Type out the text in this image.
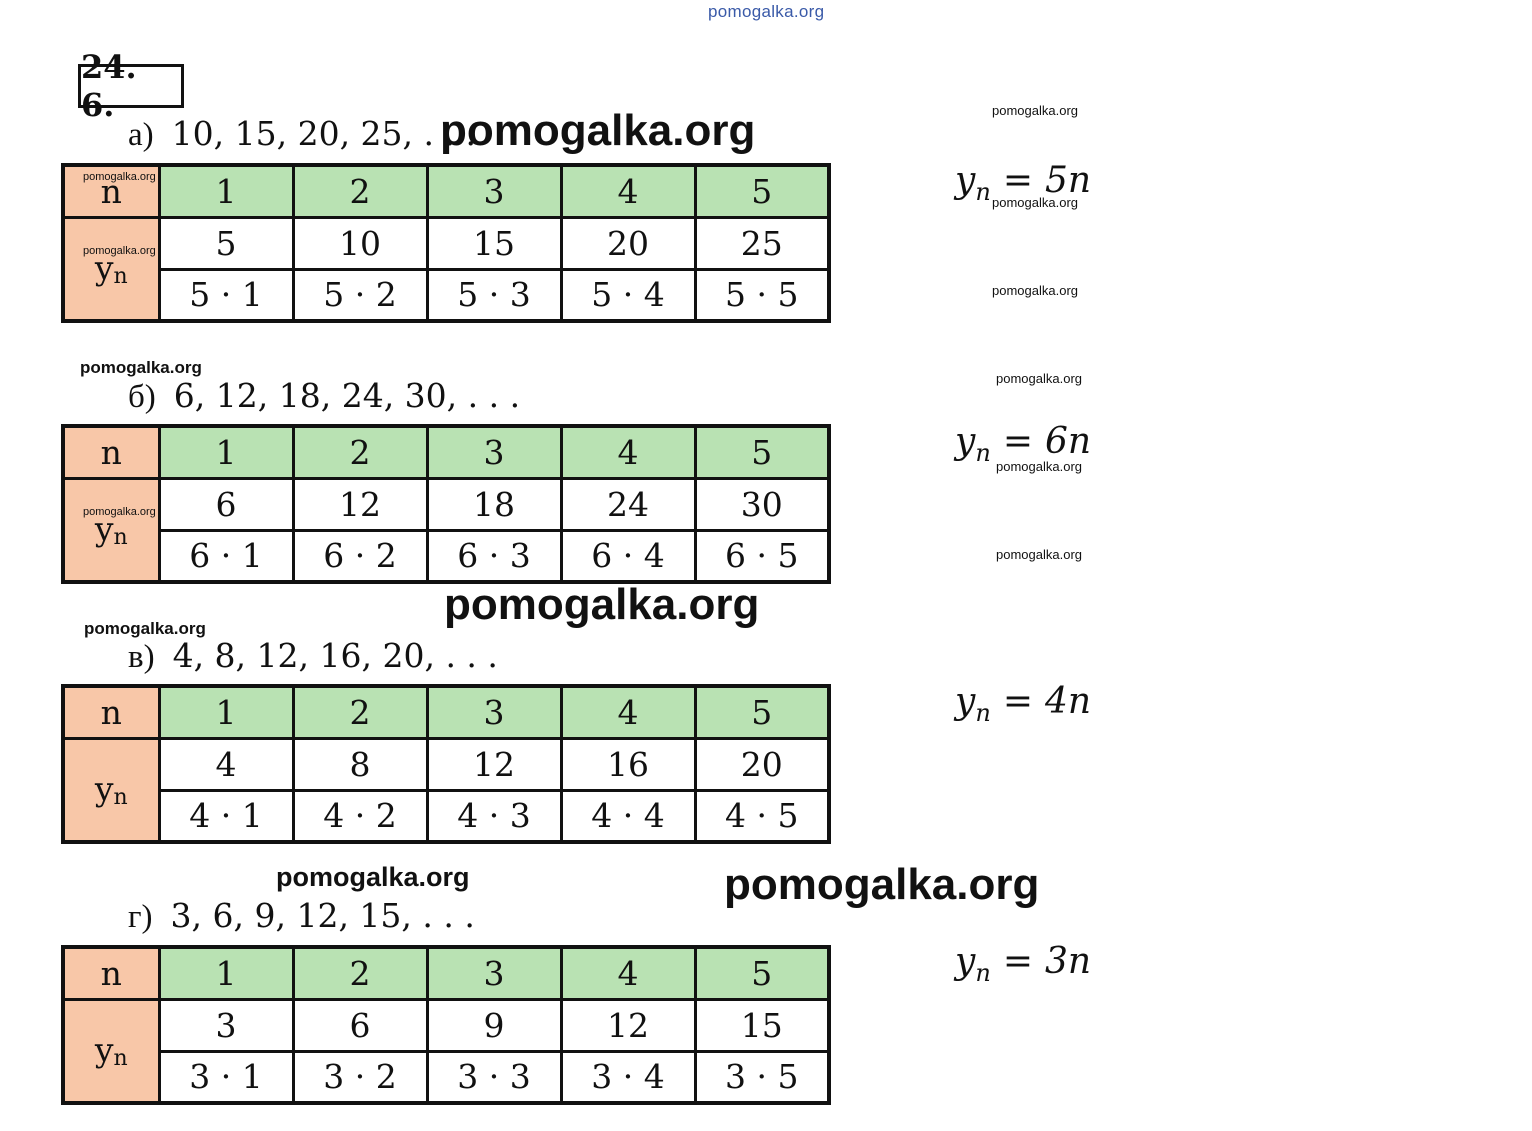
pomogalka.org
pomogalka.org
pomogalka.org
pomogalka.org
pomogalka.org
pomogalka.org
pomogalka.org
pomogalka.org
pomogalka.org
pomogalka.org	pomogalka.org
24. 6.
а) 10, 15, 20, 25, . . .
б) 6, 12, 18, 24, 30, . . .
в) 4, 8, 12, 16, 20, . . .
г) 3, 6, 9, 12, 15, . . .
pomogalka.org
n	1	2	3	4	5

pomogalka.org
yn	5	10	15	20	25
	5 · 1	5 · 2	5 · 3	5 · 4	5 · 5
n	1	2	3	4	5

pomogalka.org
yn	6	12	18	24	30
	6 · 1	6 · 2	6 · 3	6 · 4	6 · 5
n	1	2	3	4	5
yn	4	8	12	16	20
	4 · 1	4 · 2	4 · 3	4 · 4	4 · 5
n	1	2	3	4	5
yn	3	6	9	12	15
	3 · 1	3 · 2	3 · 3	3 · 4	3 · 5
$y_n = 5n$
pomogalka.org
$y_n = 6n$
pomogalka.org
$y_n = 4n$
$y_n = 3n$
